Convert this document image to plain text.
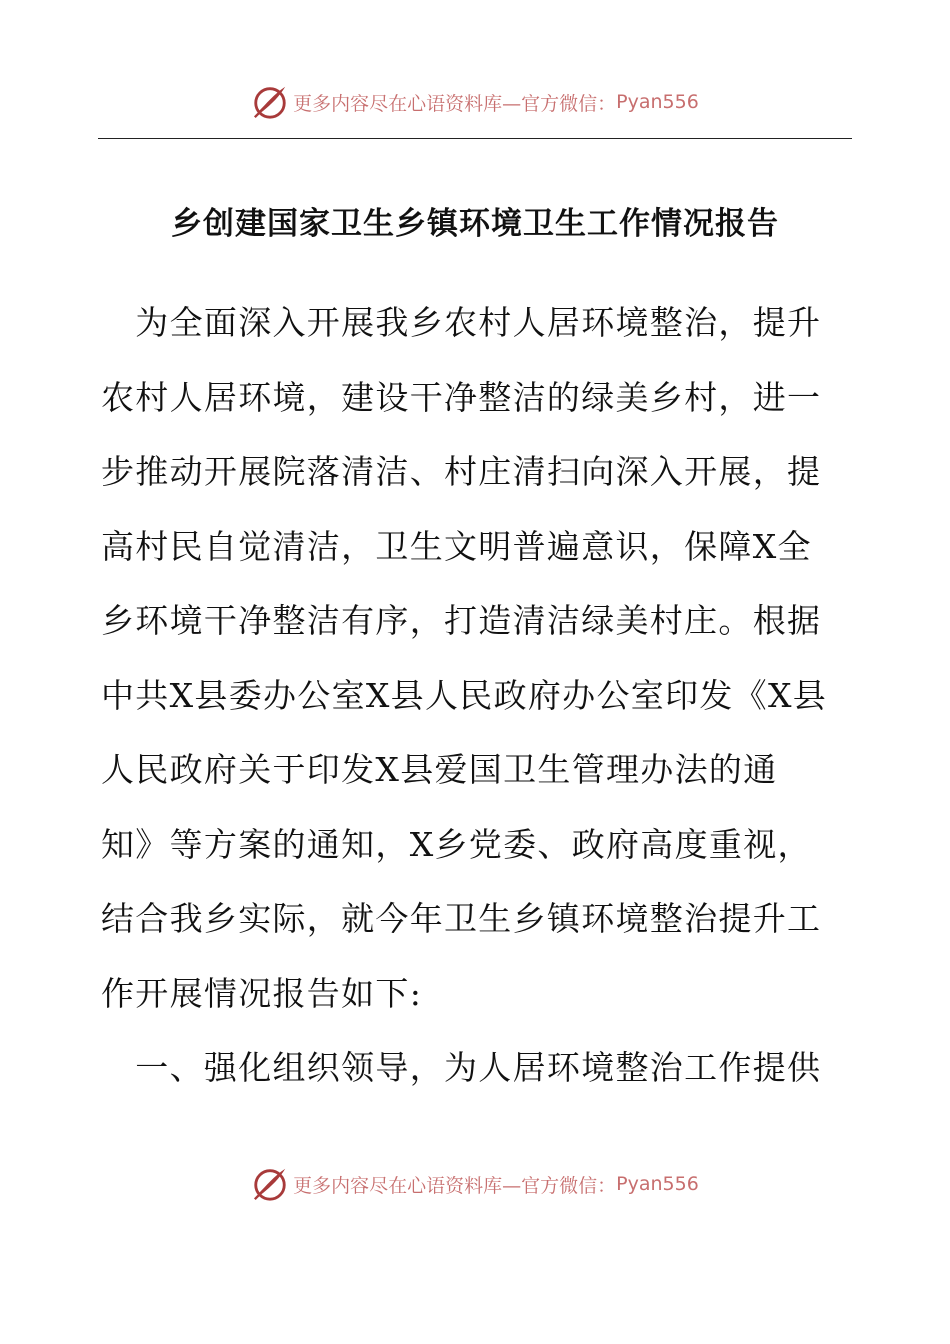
更多内容尽在心语资料库—官方微信： Pyan556
乡创建国家卫生乡镇环境卫生工作情况报告
　为全面深入开展我乡农村人居环境整治，提升
农村人居环境，建设干净整洁的绿美乡村，进一
步推动开展院落清洁、村庄清扫向深入开展，提
高村民自觉清洁，卫生文明普遍意识，保障X全
乡环境干净整洁有序，打造清洁绿美村庄。根据
中共X县委办公室X县人民政府办公室印发《X县
人民政府关于印发X县爱国卫生管理办法的通
知》等方案的通知，X乡党委、政府高度重视，
结合我乡实际，就今年卫生乡镇环境整治提升工
作开展情况报告如下:
　一、强化组织领导，为人居环境整治工作提供
更多内容尽在心语资料库—官方微信： Pyan556
